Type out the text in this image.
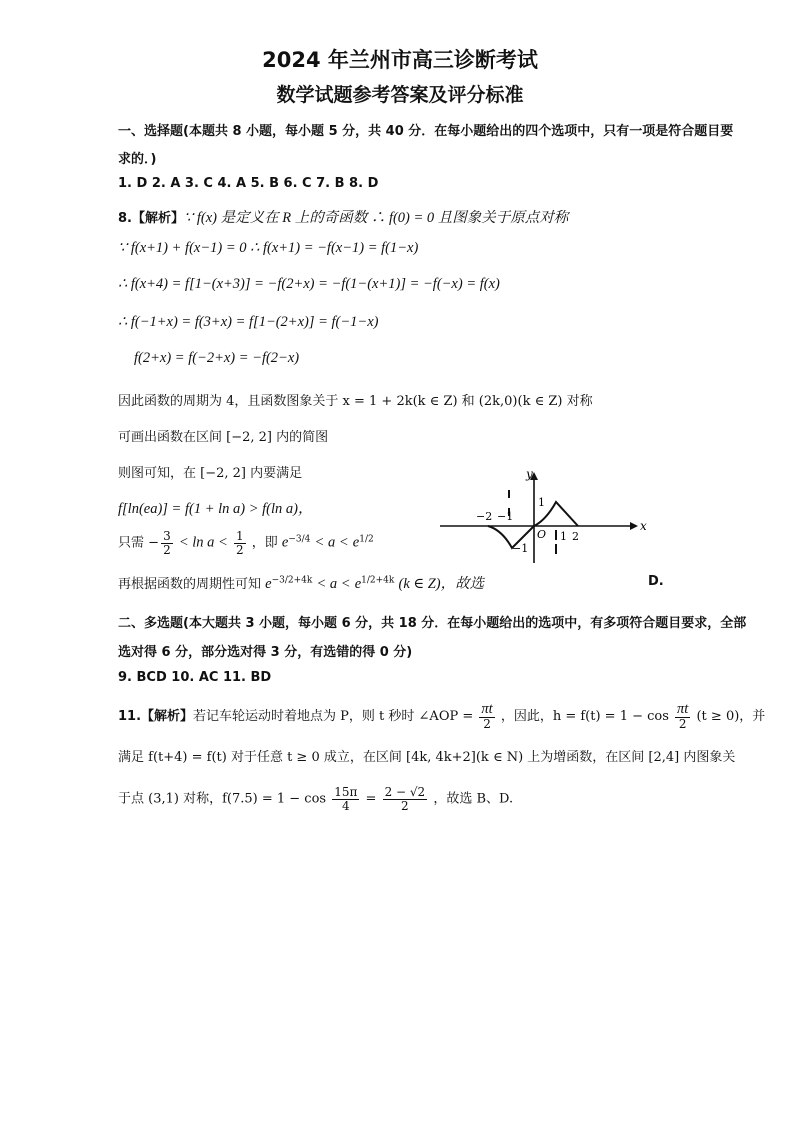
2024 年兰州市高三诊断考试
数学试题参考答案及评分标准
一、选择题(本题共 8 小题，每小题 5 分，共 40 分．在每小题给出的四个选项中，只有一项是符合题目要
求的．)
1. D 2. A 3. C 4. A 5. B 6. C 7. B 8. D
8.【解析】∵ f(x) 是定义在 R 上的奇函数 ∴ f(0) = 0 且图象关于原点对称
∵ f(x+1) + f(x−1) = 0 ∴ f(x+1) = −f(x−1) = f(1−x)
∴ f(x+4) = f[1−(x+3)] = −f(2+x) = −f(1−(x+1)] = −f(−x) = f(x)
∴ f(−1+x) = f(3+x) = f[1−(2+x)] = f(−1−x)
f(2+x) = f(−2+x) = −f(2−x)
因此函数的周期为 4，且函数图象关于 x = 1 + 2k(k ∈ Z) 和 (2k,0)(k ∈ Z) 对称
可画出函数在区间 [−2, 2] 内的简图
则图可知，在 [−2, 2] 内要满足
f[ln(ea)] = f(1 + ln a) > f(ln a)，
只需 − $\frac{3}{2} < \ln a < \frac{1}{2}$ ，即 $e^{-3/4} < a < e^{1/2}$
再根据函数的周期性可知 $e^{-3/2+4k} < a < e^{1/2+4k}$ (k ∈ Z)，故选	D.
x
y
−2 −1
O 1 2
1
−1
二、多选题(本大题共 3 小题，每小题 6 分，共 18 分．在每小题给出的选项中，有多项符合题目要求，全部
选对得 6 分，部分选对得 3 分，有选错的得 0 分)
9. BCD 10. AC 11. BD
11.【解析】若记车轮运动时着地点为 P，则 t 秒时 ∠AOP = $\frac{\pi t}{2}$ ，因此，$h = f(t) = 1 - \cos \frac{\pi t}{2} (t \ge 0)$，并
满足 f(t+4) = f(t) 对于任意 t ≥ 0 成立，在区间 [4k, 4k+2](k ∈ N) 上为增函数，在区间 [2,4] 内图象关
于点 (3,1) 对称，$f(7.5) = 1 - \cos \frac{15\pi}{4} = \frac{2 - √2}{2}$ ，故选 B、D.
